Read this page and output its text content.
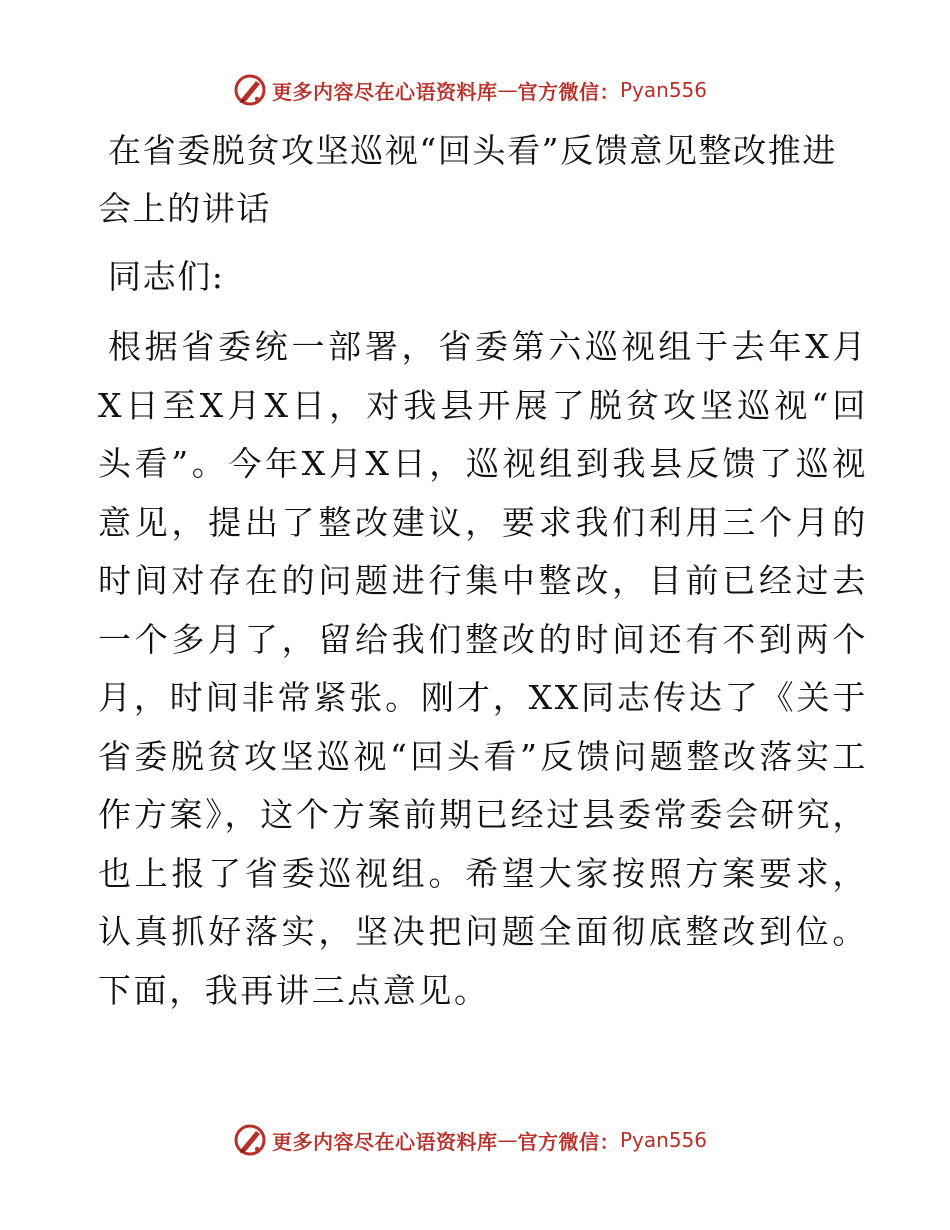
更多内容尽在心语资料库 — 官方微信： Pyan556
在省委脱贫攻坚巡视“回头看”反馈意见整改推进会上的讲话

同志们:

根据省委统一部署，省委第六巡视组于去年X月X日至X月X日，对我县开展了脱贫攻坚巡视“回头看”。今年X月X日，巡视组到我县反馈了巡视意见，提出了整改建议，要求我们利用三个月的时间对存在的问题进行集中整改，目前已经过去一个多月了，留给我们整改的时间还有不到两个月，时间非常紧张。刚才，XX同志传达了《关于省委脱贫攻坚巡视“回头看”反馈问题整改落实工作方案》，这个方案前期已经过县委常委会研究，也上报了省委巡视组。希望大家按照方案要求，认真抓好落实，坚决把问题全面彻底整改到位。下面，我再讲三点意见。

更多内容尽在心语资料库 — 官方微信： Pyan556
